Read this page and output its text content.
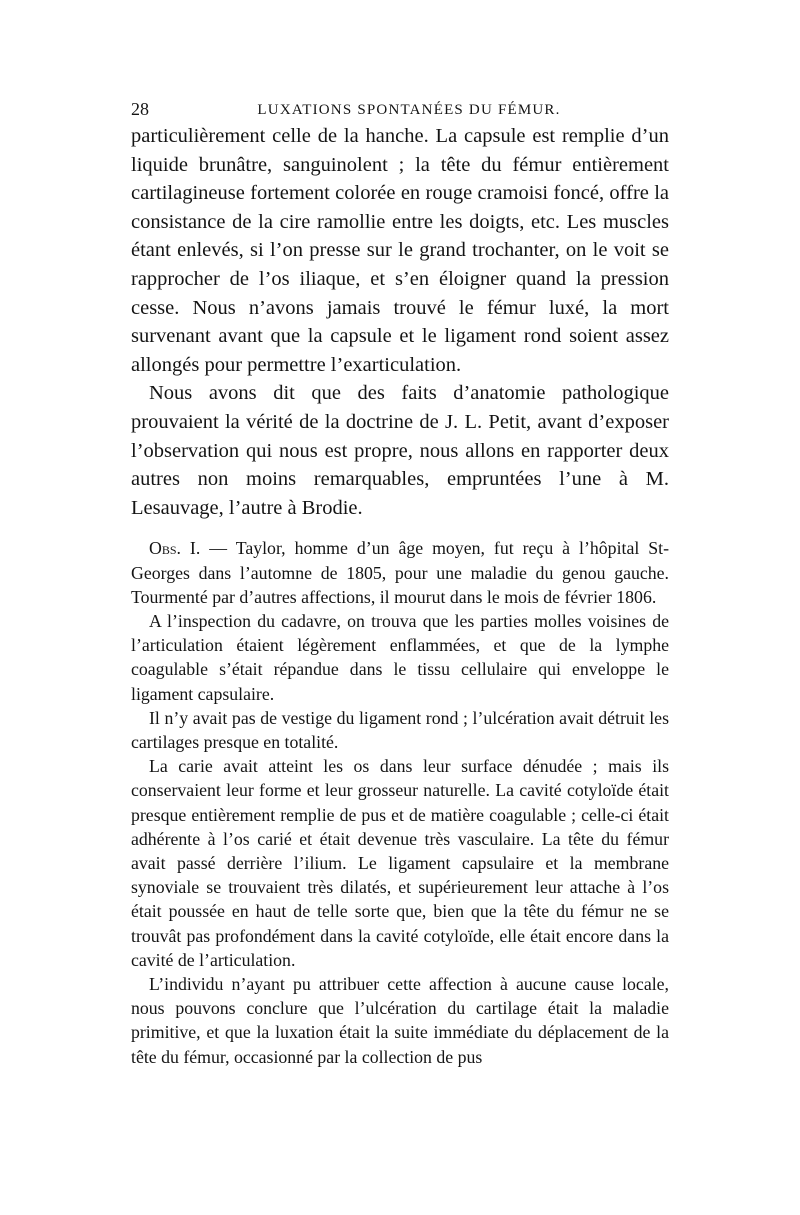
28	LUXATIONS SPONTANÉES DU FÉMUR.

particulièrement celle de la hanche. La capsule est remplie d’un liquide brunâtre, sanguinolent ; la tête du fémur entièrement cartilagineuse fortement colorée en rouge cramoisi foncé, offre la consistance de la cire ramollie entre les doigts, etc. Les muscles étant enlevés, si l’on presse sur le grand trochanter, on le voit se rapprocher de l’os iliaque, et s’en éloigner quand la pression cesse. Nous n’avons jamais trouvé le fémur luxé, la mort survenant avant que la capsule et le ligament rond soient assez allongés pour permettre l’exarticulation.

Nous avons dit que des faits d’anatomie pathologique prouvaient la vérité de la doctrine de J. L. Petit, avant d’exposer l’observation qui nous est propre, nous allons en rapporter deux autres non moins remarquables, empruntées l’une à M. Lesauvage, l’autre à Brodie.

Obs. I. — Taylor, homme d’un âge moyen, fut reçu à l’hôpital St-Georges dans l’automne de 1805, pour une maladie du genou gauche. Tourmenté par d’autres affections, il mourut dans le mois de février 1806.

A l’inspection du cadavre, on trouva que les parties molles voisines de l’articulation étaient légèrement enflammées, et que de la lymphe coagulable s’était répandue dans le tissu cellulaire qui enveloppe le ligament capsulaire.

Il n’y avait pas de vestige du ligament rond ; l’ulcération avait détruit les cartilages presque en totalité.

La carie avait atteint les os dans leur surface dénudée ; mais ils conservaient leur forme et leur grosseur naturelle. La cavité cotyloïde était presque entièrement remplie de pus et de matière coagulable ; celle-ci était adhérente à l’os carié et était devenue très vasculaire. La tête du fémur avait passé derrière l’ilium. Le ligament capsulaire et la membrane synoviale se trouvaient très dilatés, et supérieurement leur attache à l’os était poussée en haut de telle sorte que, bien que la tête du fémur ne se trouvât pas profondément dans la cavité cotyloïde, elle était encore dans la cavité de l’articulation.

L’individu n’ayant pu attribuer cette affection à aucune cause locale, nous pouvons conclure que l’ulcération du cartilage était la maladie primitive, et que la luxation était la suite immédiate du déplacement de la tête du fémur, occasionné par la collection de pus
